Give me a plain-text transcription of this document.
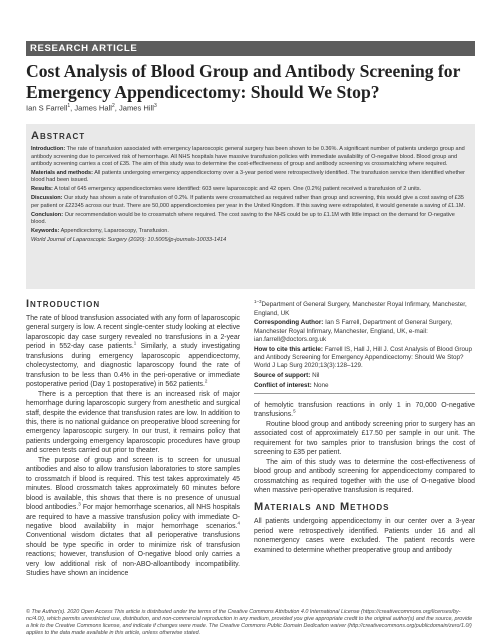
RESEARCH ARTICLE
Cost Analysis of Blood Group and Antibody Screening for Emergency Appendicectomy: Should We Stop?
Ian S Farrell$^1$, James Hall$^2$, James Hill$^3$
Abstract

Introduction: The rate of transfusion associated with emergency laparoscopic general surgery has been shown to be 0.36%. A significant number of patients undergo group and antibody screening due to perceived risk of hemorrhage. All NHS hospitals have massive transfusion policies with immediate availability of O-negative blood. Blood group and antibody screening carries a cost of £35. The aim of this study was to determine the cost-effectiveness of group and antibody screening vs crossmatching where required.

Materials and methods: All patients undergoing emergency appendicectomy over a 3-year period were retrospectively identified. The transfusion service then identified whether blood had been issued.

Results: A total of 645 emergency appendicectomies were identified: 603 were laparoscopic and 42 open. One (0.2%) patient received a transfusion of 2 units.

Discussion: Our study has shown a rate of transfusion of 0.2%. If patients were crossmatched as required rather than group and screening, this would give a cost saving of £35 per patient or £22345 across our trust. There are 50,000 appendicectomies per year in the United Kingdom. If this saving were extrapolated, it would generate a saving of £1.1M.

Conclusion: Our recommendation would be to crossmatch where required. The cost saving to the NHS could be up to £1.1M with little impact on the demand for O-negative blood.

Keywords: Appendicectomy, Laparoscopy, Transfusion.

World Journal of Laparoscopic Surgery (2020): 10.5005/jp-journals-10033-1414

Introduction

The rate of blood transfusion associated with any form of laparoscopic general surgery is low. A recent single-center study looking at elective laparoscopic day case surgery revealed no transfusions in a 2-year period in 552-day case patients.$^1$ Similarly, a study investigating transfusions during emergency laparoscopic appendicectomy, cholecystectomy, and diagnostic laparoscopy found the rate of transfusion to be less than 0.4% in the peri-operative or immediate postoperative period (Day 1 postoperative) in 562 patients.$^2$

There is a perception that there is an increased risk of major hemorrhage during laparoscopic surgery from anesthetic and surgical staff, despite the evidence that transfusion rates are low. In addition to this, there is no national guidance on preoperative blood screening for emergency laparoscopic surgery. In our trust, it remains policy that patients undergoing emergency laparoscopic procedures have group and screen tests carried out prior to theater.

The purpose of group and screen is to screen for unusual antibodies and also to allow transfusion laboratories to store samples to crossmatch if blood is required. This test takes approximately 45 minutes. Blood crossmatch takes approximately 60 minutes before blood is available, this shows that there is no presence of unusual blood antibodies.$^3$ For major hemorrhage scenarios, all NHS hospitals are required to have a massive transfusion policy with immediate O-negative blood availability in major hemorrhage scenarios.$^4$ Conventional wisdom dictates that all perioperative transfusions should be type specific in order to minimize risk of transfusion reactions; however, transfusion of O-negative blood only carries a very low additional risk of non-ABO-alloantibody incompatibility. Studies have shown an incidence

$^{1-3}$Department of General Surgery, Manchester Royal Infirmary, Manchester, England, UK

Corresponding Author: Ian S Farrell, Department of General Surgery, Manchester Royal Infirmary, Manchester, England, UK, e-mail: ian.farrell@doctors.org.uk

How to cite this article: Farrell IS, Hall J, Hill J. Cost Analysis of Blood Group and Antibody Screening for Emergency Appendicectomy: Should We Stop? World J Lap Surg 2020;13(3):128–129.

Source of support: Nil

Conflict of interest: None

of hemolytic transfusion reactions in only 1 in 70,000 O-negative transfusions.$^5$

Routine blood group and antibody screening prior to surgery has an associated cost of approximately £17.50 per sample in our unit. The requirement for two samples prior to transfusion brings the cost of screening to £35 per patient.

The aim of this study was to determine the cost-effectiveness of blood group and antibody screening for appendicectomy compared to crossmatching as required together with the use of O-negative blood when massive peri-operative transfusion is required.

Materials and Methods

All patients undergoing appendicectomy in our center over a 3-year period were retrospectively identified. Patients under 16 and all nonemergency cases were excluded. The patient records were examined to determine whether preoperative group and antibody

© The Author(s). 2020 Open Access This article is distributed under the terms of the Creative Commons Attribution 4.0 International License (https://creativecommons.org/licenses/by-nc/4.0/), which permits unrestricted use, distribution, and non-commercial reproduction in any medium, provided you give appropriate credit to the original author(s) and the source, provide a link to the Creative Commons license, and indicate if changes were made. The Creative Commons Public Domain Dedication waiver (http://creativecommons.org/publicdomain/zero/1.0/) applies to the data made available in this article, unless otherwise stated.
